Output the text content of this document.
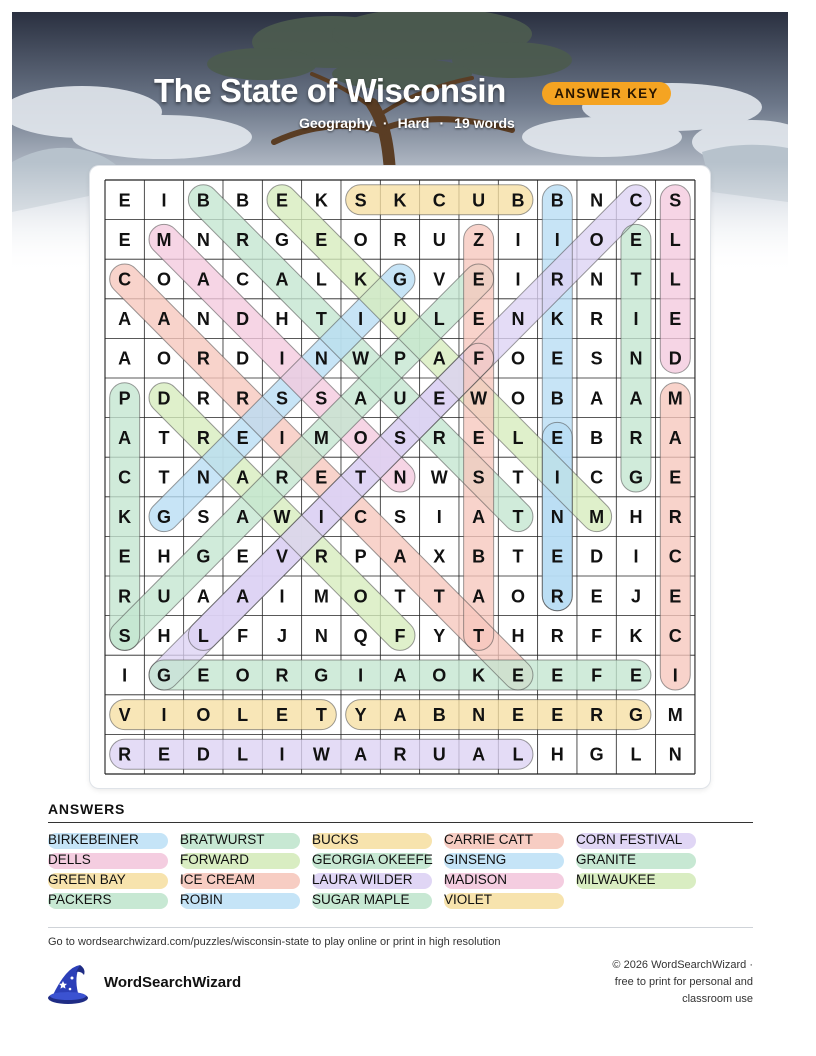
The State of Wisconsin	ANSWER KEY
Geography · Hard · 19 words
E I B B E K S K C U B B N C S
E M N R G E O R U Z I I O E L
C O A C A L K G V E I R N T L
A A N D H T I U L E N K R I E
A O R D I N W P A F O E S N D
P D R R S S A U E W O B A A M
A T R E I M O S R E L E B R A
C T N A R E T N W S T I C G E
K G S A W I C S I A T N M H R
E H G E V R P A X B T E D I C
R U A A I M O T T A O R E J E
S H L F J N Q F Y T H R F K C
I G E O R G I A O K E E F E I
V I O L E T Y A B N E E R G M
R E D L I W A R U A L H G L N
ANSWERS
BIRKEBEINER
DELLS
GREEN BAY
PACKERS
BRATWURST
FORWARD
ICE CREAM
ROBIN
BUCKS
GEORGIA OKEEFE
LAURA WILDER
SUGAR MAPLE
CARRIE CATT
GINSENG
MADISON
VIOLET
CORN FESTIVAL
GRANITE
MILWAUKEE
Go to wordsearchwizard.com/puzzles/wisconsin-state to play online or print in high resolution
WordSearchWizard
© 2026 WordSearchWizard ·
free to print for personal and
classroom use
